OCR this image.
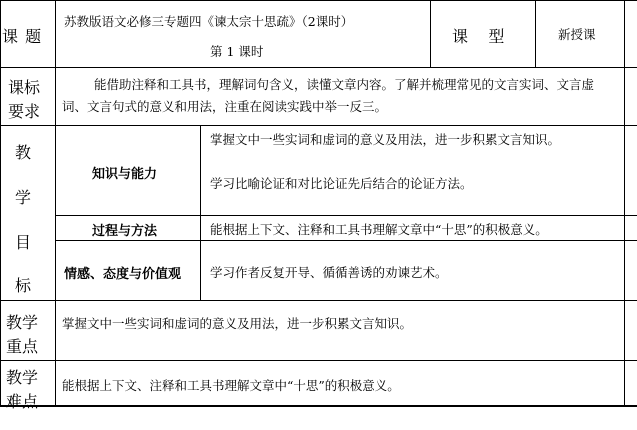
课 题
苏教版语文必修三专题四《谏太宗十思疏》（2课时）
第 1 课时
课    型	新授课
课标
要求
能借助注释和工具书，理解词句含义，读懂文章内容。了解并梳理常见的文言实词、文言虚词、文言句式的意义和用法，注重在阅读实践中举一反三。
教
学
目
标
知识与能力
掌握文中一些实词和虚词的意义及用法，进一步积累文言知识。
学习比喻论证和对比论证先后结合的论证方法。
过程与方法	能根据上下文、注释和工具书理解文章中“十思”的积极意义。
情感、态度与价值观 学习作者反复开导、循循善诱的劝谏艺术。
教学
重点
掌握文中一些实词和虚词的意义及用法，进一步积累文言知识。
教学
难点
能根据上下文、注释和工具书理解文章中“十思”的积极意义。
